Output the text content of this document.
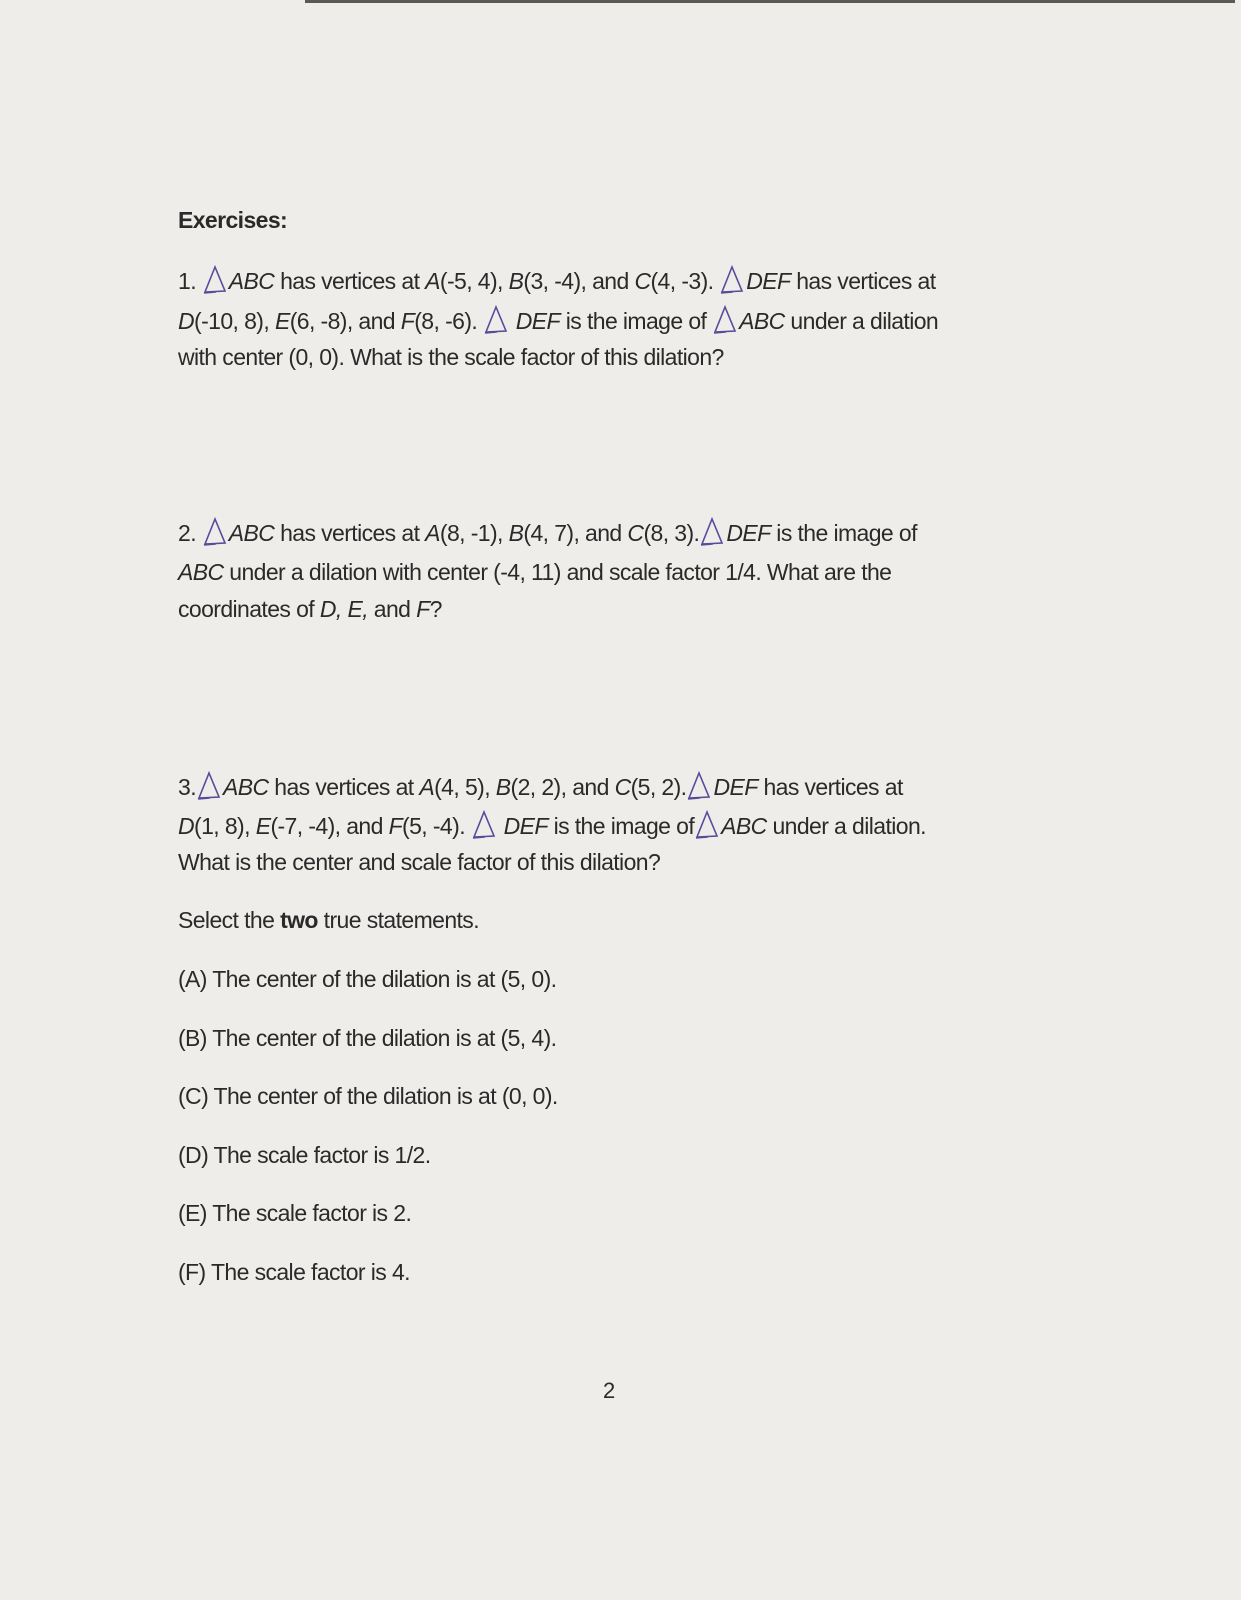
Exercises:
1. ABC has vertices at A(-5, 4), B(3, -4), and C(4, -3). DEF has vertices at
D(-10, 8), E(6, -8), and F(8, -6).  DEF is the image of ABC under a dilation
with center (0, 0). What is the scale factor of this dilation?
2. ABC has vertices at A(8, -1), B(4, 7), and C(8, 3). DEF is the image of
ABC under a dilation with center (-4, 11) and scale factor 1/4. What are the
coordinates of D, E, and F?
3. ABC has vertices at A(4, 5), B(2, 2), and C(5, 2). DEF has vertices at
D(1, 8), E(-7, -4), and F(5, -4).  DEF is the image of ABC under a dilation.
What is the center and scale factor of this dilation?
Select the two true statements.
(A) The center of the dilation is at (5, 0).
(B) The center of the dilation is at (5, 4).
(C) The center of the dilation is at (0, 0).
(D) The scale factor is 1/2.
(E) The scale factor is 2.
(F) The scale factor is 4.
2
